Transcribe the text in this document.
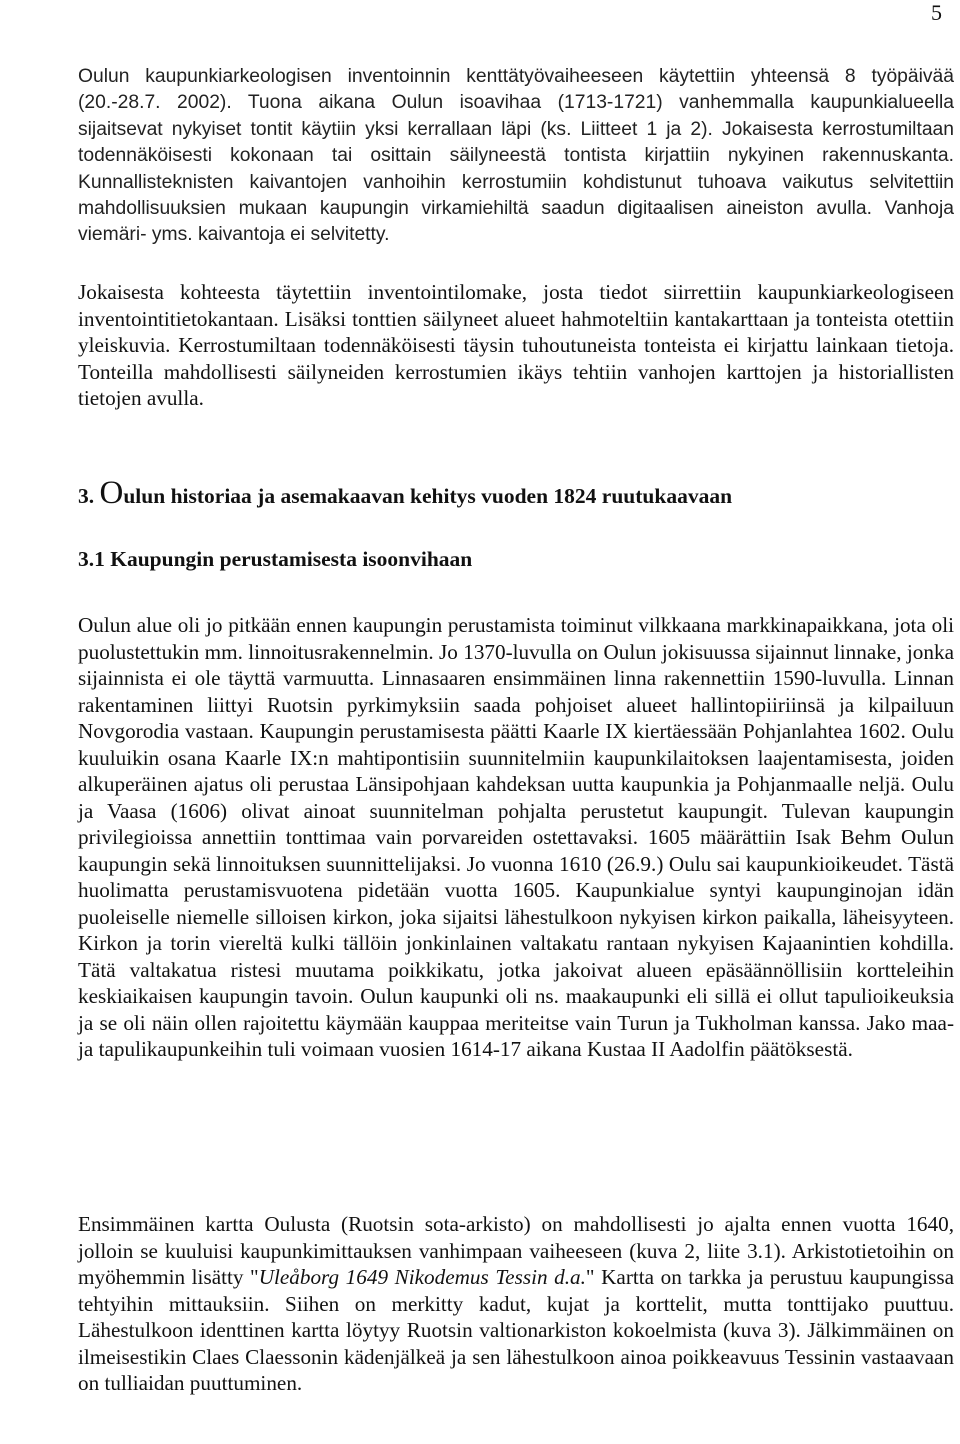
5

Oulun kaupunkiarkeologisen inventoinnin kenttätyövaiheeseen käytettiin yhteensä 8 työpäivää (20.-28.7. 2002). Tuona aikana Oulun isoavihaa (1713-1721) vanhemmalla kaupunkialueella sijaitsevat nykyiset tontit käytiin yksi kerrallaan läpi (ks. Liitteet 1 ja 2). Jokaisesta kerrostumiltaan todennäköisesti kokonaan tai osittain säilyneestä tontista kirjattiin nykyinen rakennuskanta. Kunnallisteknisten kaivantojen vanhoihin kerrostumiin kohdistunut tuhoava vaikutus selvitettiin mahdollisuuksien mukaan kaupungin virkamiehiltä saadun digitaalisen aineiston avulla. Vanhoja viemäri- yms. kaivantoja ei selvitetty.

Jokaisesta kohteesta täytettiin inventointilomake, josta tiedot siirrettiin kaupunkiarkeologiseen inventointitietokantaan. Lisäksi tonttien säilyneet alueet hahmoteltiin kantakarttaan ja tonteista otettiin yleiskuvia. Kerrostumiltaan todennäköisesti täysin tuhoutuneista tonteista ei kirjattu lainkaan tietoja. Tonteilla mahdollisesti säilyneiden kerrostumien ikäys tehtiin vanhojen karttojen ja historiallisten tietojen avulla.

3. Oulun historiaa ja asemakaavan kehitys vuoden 1824 ruutukaavaan
3.1 Kaupungin perustamisesta isoonvihaan

Oulun alue oli jo pitkään ennen kaupungin perustamista toiminut vilkkaana markkinapaikkana, jota oli puolustettukin mm. linnoitusrakennelmin. Jo 1370-luvulla on Oulun jokisuussa sijainnut linnake, jonka sijainnista ei ole täyttä varmuutta. Linnasaaren ensimmäinen linna rakennettiin 1590-luvulla. Linnan rakentaminen liittyi Ruotsin pyrkimyksiin saada pohjoiset alueet hallintopiiriinsä ja kilpailuun Novgorodia vastaan. Kaupungin perustamisesta päätti Kaarle IX kiertäessään Pohjanlahtea 1602. Oulu kuuluikin osana Kaarle IX:n mahtipontisiin suunnitelmiin kaupunkilaitoksen laajentamisesta, joiden alkuperäinen ajatus oli perustaa Länsipohjaan kahdeksan uutta kaupunkia ja Pohjanmaalle neljä. Oulu ja Vaasa (1606) olivat ainoat suunnitelman pohjalta perustetut kaupungit. Tulevan kaupungin privilegioissa annettiin tonttimaa vain porvareiden ostettavaksi. 1605 määrättiin Isak Behm Oulun kaupungin sekä linnoituksen suunnittelijaksi. Jo vuonna 1610 (26.9.) Oulu sai kaupunkioikeudet. Tästä huolimatta perustamisvuotena pidetään vuotta 1605. Kaupunkialue syntyi kaupunginojan idän puoleiselle niemelle silloisen kirkon, joka sijaitsi lähestulkoon nykyisen kirkon paikalla, läheisyyteen. Kirkon ja torin viereltä kulki tällöin jonkinlainen valtakatu rantaan nykyisen Kajaanintien kohdilla. Tätä valtakatua ristesi muutama poikkikatu, jotka jakoivat alueen epäsäännöllisiin kortteleihin keskiaikaisen kaupungin tavoin. Oulun kaupunki oli ns. maakaupunki eli sillä ei ollut tapulioikeuksia ja se oli näin ollen rajoitettu käymään kauppaa meriteitse vain Turun ja Tukholman kanssa. Jako maa- ja tapulikaupunkeihin tuli voimaan vuosien 1614-17 aikana Kustaa II Aadolfin päätöksestä.

Ensimmäinen kartta Oulusta (Ruotsin sota-arkisto) on mahdollisesti jo ajalta ennen vuotta 1640, jolloin se kuuluisi kaupunkimittauksen vanhimpaan vaiheeseen (kuva 2, liite 3.1). Arkistotietoihin on myöhemmin lisätty "Uleåborg 1649 Nikodemus Tessin d.a." Kartta on tarkka ja perustuu kaupungissa tehtyihin mittauksiin. Siihen on merkitty kadut, kujat ja korttelit, mutta tonttijako puuttuu. Lähestulkoon identtinen kartta löytyy Ruotsin valtionarkiston kokoelmista (kuva 3). Jälkimmäinen on ilmeisestikin Claes Claessonin kädenjälkeä ja sen lähestulkoon ainoa poikkeavuus Tessinin vastaavaan on tulliaidan puuttuminen.
